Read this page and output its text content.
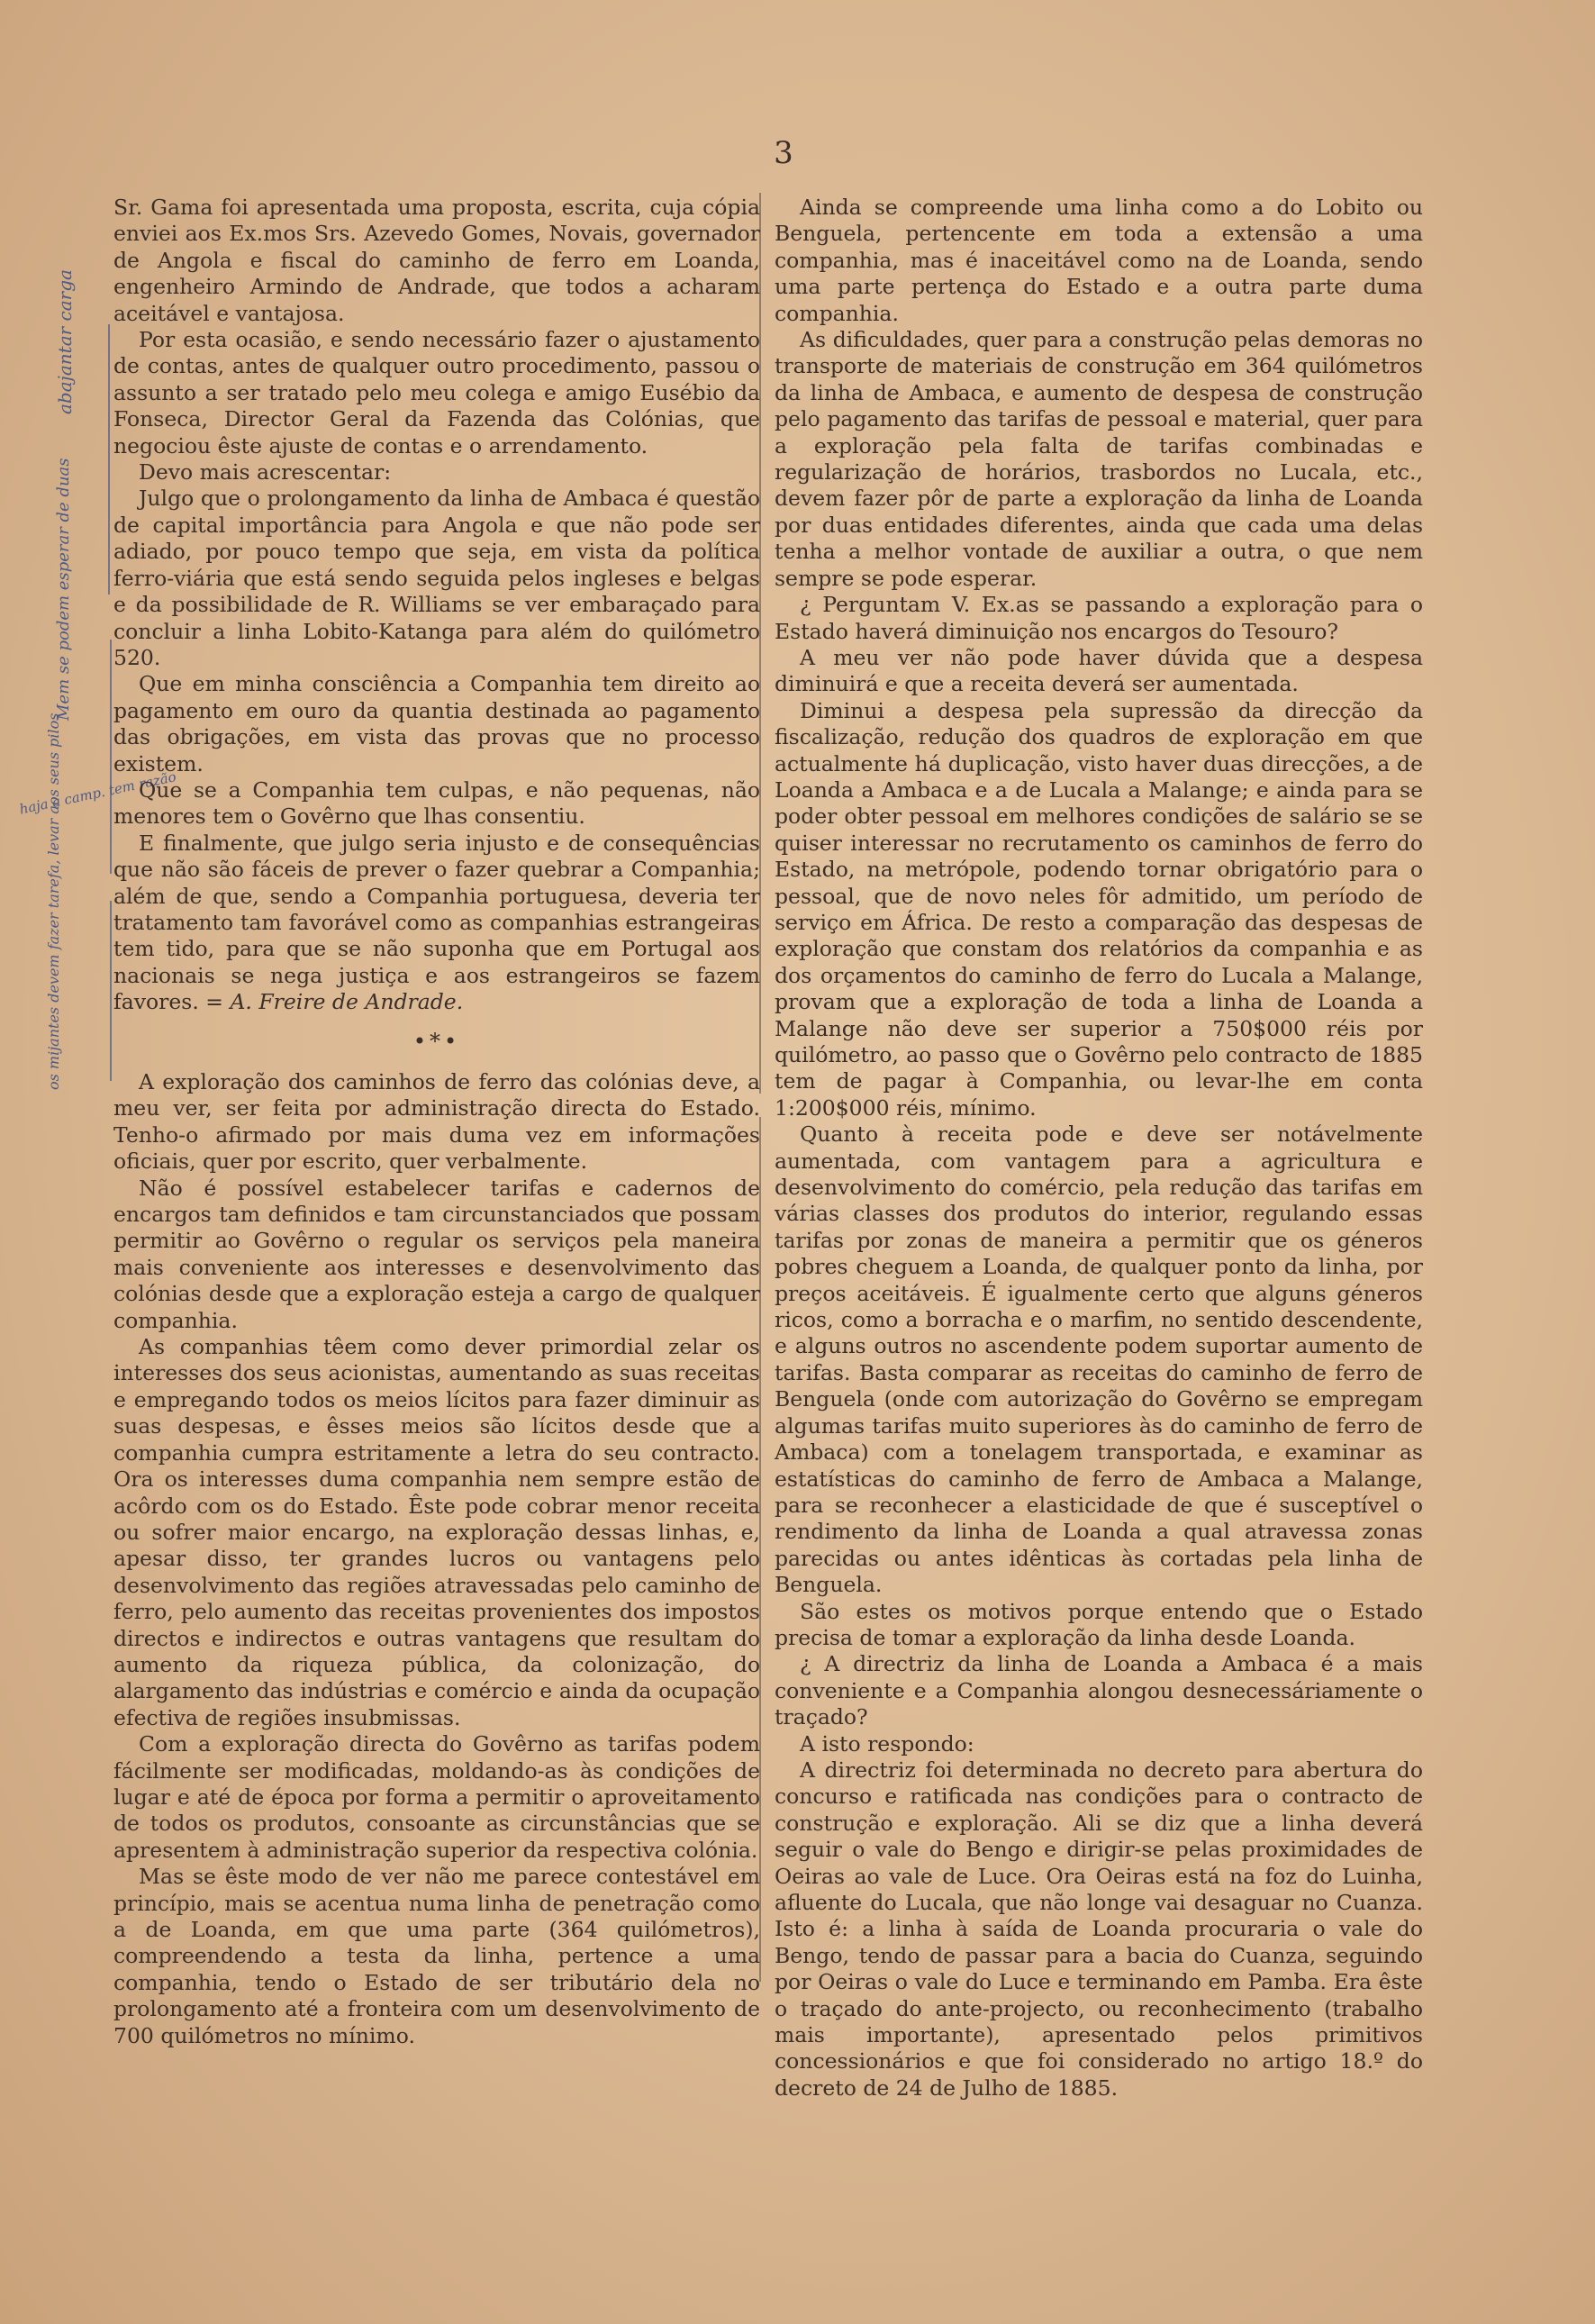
3
abajantar carga
Mem se podem esperar de duas
haja a camp. tem razão
os mijantes devem fazer tarefa, levar aos seus pilos

Sr. Gama foi apresentada uma proposta, escrita, cuja cópia enviei aos Ex.mos Srs. Azevedo Gomes, Novais, governador de Angola e fiscal do caminho de ferro em Loanda, engenheiro Armindo de Andrade, que todos a acharam aceitável e vantajosa.

Por esta ocasião, e sendo necessário fazer o ajustamento de contas, antes de qualquer outro procedimento, passou o assunto a ser tratado pelo meu colega e amigo Eusébio da Fonseca, Director Geral da Fazenda das Colónias, que negociou êste ajuste de contas e o arrendamento.

Devo mais acrescentar:

Julgo que o prolongamento da linha de Ambaca é questão de capital importância para Angola e que não pode ser adiado, por pouco tempo que seja, em vista da política ferro-viária que está sendo seguida pelos ingleses e belgas e da possibilidade de R. Williams se ver embaraçado para concluir a linha Lobito-Katanga para além do quilómetro 520.

Que em minha consciência a Companhia tem direito ao pagamento em ouro da quantia destinada ao pagamento das obrigações, em vista das provas que no processo existem.

Que se a Companhia tem culpas, e não pequenas, não menores tem o Govêrno que lhas consentiu.

E finalmente, que julgo seria injusto e de consequências que não são fáceis de prever o fazer quebrar a Companhia; além de que, sendo a Companhia portuguesa, deveria ter tratamento tam favorável como as companhias estrangeiras tem tido, para que se não suponha que em Portugal aos nacionais se nega justiça e aos estrangeiros se fazem favores. = A. Freire de Andrade.

•*•

A exploração dos caminhos de ferro das colónias deve, a meu ver, ser feita por administração directa do Estado. Tenho-o afirmado por mais duma vez em informações oficiais, quer por escrito, quer verbalmente.

Não é possível estabelecer tarifas e cadernos de encargos tam definidos e tam circunstanciados que possam permitir ao Govêrno o regular os serviços pela maneira mais conveniente aos interesses e desenvolvimento das colónias desde que a exploração esteja a cargo de qualquer companhia.

As companhias têem como dever primordial zelar os interesses dos seus acionistas, aumentando as suas receitas e empregando todos os meios lícitos para fazer diminuir as suas despesas, e êsses meios são lícitos desde que a companhia cumpra estritamente a letra do seu contracto. Ora os interesses duma companhia nem sempre estão de acôrdo com os do Estado. Êste pode cobrar menor receita ou sofrer maior encargo, na exploração dessas linhas, e, apesar disso, ter grandes lucros ou vantagens pelo desenvolvimento das regiões atravessadas pelo caminho de ferro, pelo aumento das receitas provenientes dos impostos directos e indirectos e outras vantagens que resultam do aumento da riqueza pública, da colonização, do alargamento das indústrias e comércio e ainda da ocupação efectiva de regiões insubmissas.

Com a exploração directa do Govêrno as tarifas podem fácilmente ser modificadas, moldando-as às condições de lugar e até de época por forma a permitir o aproveitamento de todos os produtos, consoante as circunstâncias que se apresentem à administração superior da respectiva colónia.

Mas se êste modo de ver não me parece contestável em princípio, mais se acentua numa linha de penetração como a de Loanda, em que uma parte (364 quilómetros), compreendendo a testa da linha, pertence a uma companhia, tendo o Estado de ser tributário dela no prolongamento até a fronteira com um desenvolvimento de 700 quilómetros no mínimo.

Ainda se compreende uma linha como a do Lobito ou Benguela, pertencente em toda a extensão a uma companhia, mas é inaceitável como na de Loanda, sendo uma parte pertença do Estado e a outra parte duma companhia.

As dificuldades, quer para a construção pelas demoras no transporte de materiais de construção em 364 quilómetros da linha de Ambaca, e aumento de despesa de construção pelo pagamento das tarifas de pessoal e material, quer para a exploração pela falta de tarifas combinadas e regularização de horários, trasbordos no Lucala, etc., devem fazer pôr de parte a exploração da linha de Loanda por duas entidades diferentes, ainda que cada uma delas tenha a melhor vontade de auxiliar a outra, o que nem sempre se pode esperar.

¿ Perguntam V. Ex.as se passando a exploração para o Estado haverá diminuição nos encargos do Tesouro?

A meu ver não pode haver dúvida que a despesa diminuirá e que a receita deverá ser aumentada.

Diminui a despesa pela supressão da direcção da fiscalização, redução dos quadros de exploração em que actualmente há duplicação, visto haver duas direcções, a de Loanda a Ambaca e a de Lucala a Malange; e ainda para se poder obter pessoal em melhores condições de salário se se quiser interessar no recrutamento os caminhos de ferro do Estado, na metrópole, podendo tornar obrigatório para o pessoal, que de novo neles fôr admitido, um período de serviço em África. De resto a comparação das despesas de exploração que constam dos relatórios da companhia e as dos orçamentos do caminho de ferro do Lucala a Malange, provam que a exploração de toda a linha de Loanda a Malange não deve ser superior a 750$000 réis por quilómetro, ao passo que o Govêrno pelo contracto de 1885 tem de pagar à Companhia, ou levar-lhe em conta 1:200$000 réis, mínimo.

Quanto à receita pode e deve ser notávelmente aumentada, com vantagem para a agricultura e desenvolvimento do comércio, pela redução das tarifas em várias classes dos produtos do interior, regulando essas tarifas por zonas de maneira a permitir que os géneros pobres cheguem a Loanda, de qualquer ponto da linha, por preços aceitáveis. É igualmente certo que alguns géneros ricos, como a borracha e o marfim, no sentido descendente, e alguns outros no ascendente podem suportar aumento de tarifas. Basta comparar as receitas do caminho de ferro de Benguela (onde com autorização do Govêrno se empregam algumas tarifas muito superiores às do caminho de ferro de Ambaca) com a tonelagem transportada, e examinar as estatísticas do caminho de ferro de Ambaca a Malange, para se reconhecer a elasticidade de que é susceptível o rendimento da linha de Loanda a qual atravessa zonas parecidas ou antes idênticas às cortadas pela linha de Benguela.

São estes os motivos porque entendo que o Estado precisa de tomar a exploração da linha desde Loanda.

¿ A directriz da linha de Loanda a Ambaca é a mais conveniente e a Companhia alongou desnecessáriamente o traçado?

A isto respondo:

A directriz foi determinada no decreto para abertura do concurso e ratificada nas condições para o contracto de construção e exploração. Ali se diz que a linha deverá seguir o vale do Bengo e dirigir-se pelas proximidades de Oeiras ao vale de Luce. Ora Oeiras está na foz do Luinha, afluente do Lucala, que não longe vai desaguar no Cuanza. Isto é: a linha à saída de Loanda procuraria o vale do Bengo, tendo de passar para a bacia do Cuanza, seguindo por Oeiras o vale do Luce e terminando em Pamba. Era êste o traçado do ante-projecto, ou reconhecimento (trabalho mais importante), apresentado pelos primitivos concessionários e que foi considerado no artigo 18.º do decreto de 24 de Julho de 1885.
